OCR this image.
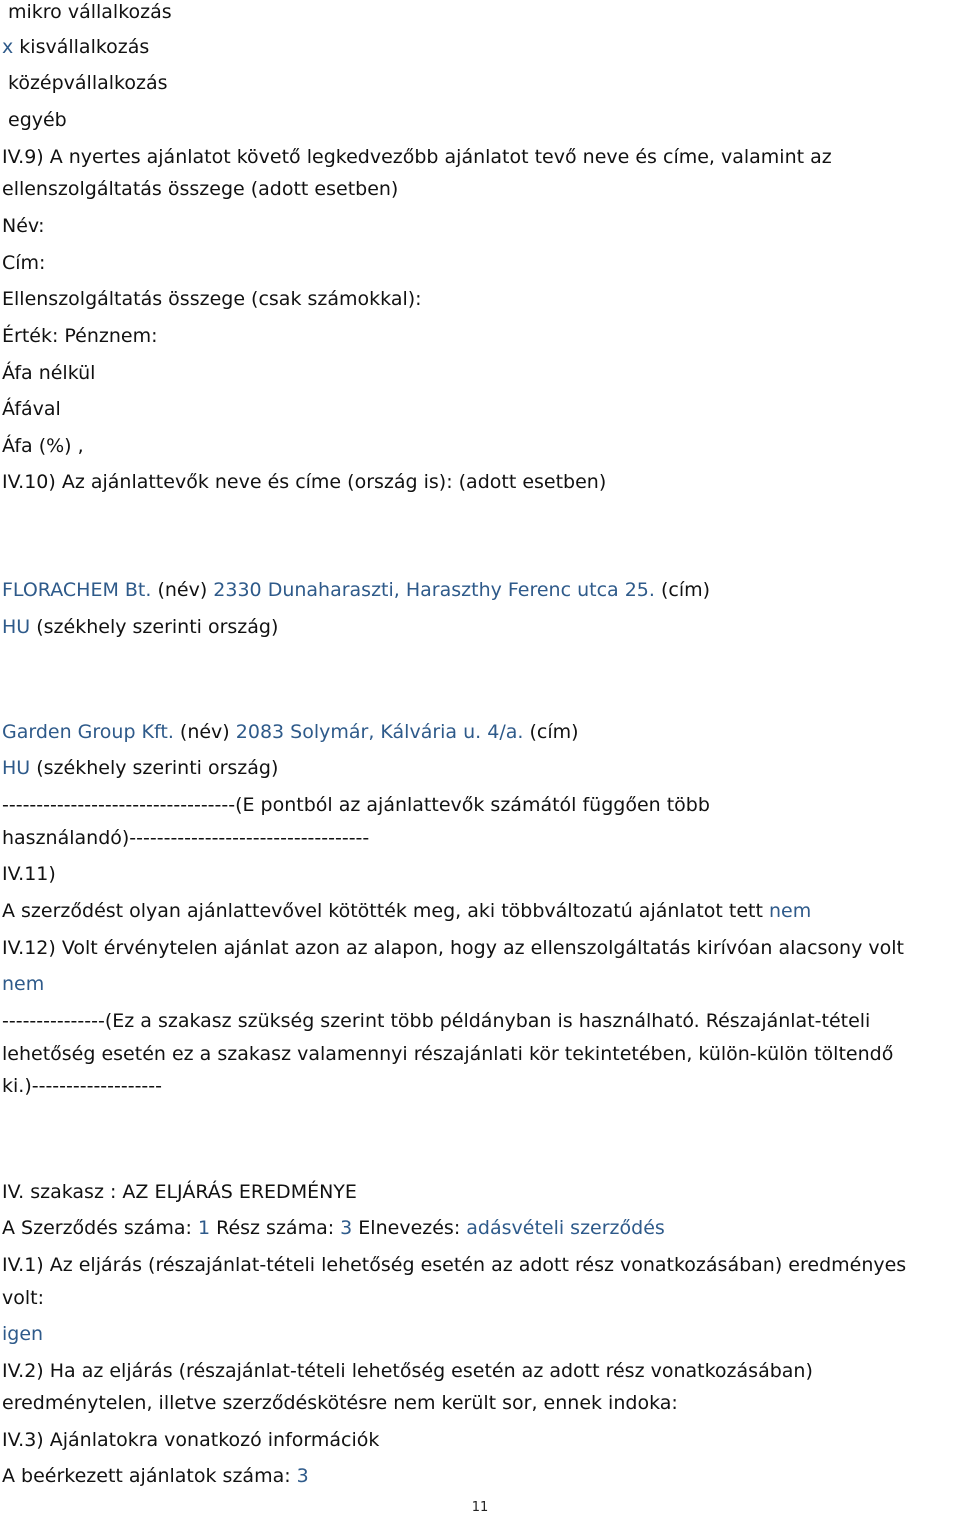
mikro vállalkozás
x kisvállalkozás
középvállalkozás
egyéb
IV.9) A nyertes ajánlatot követő legkedvezőbb ajánlatot tevő neve és címe, valamint az
ellenszolgáltatás összege (adott esetben)
Név:
Cím:
Ellenszolgáltatás összege (csak számokkal):
Érték: Pénznem:
Áfa nélkül
Áfával
Áfa (%) ,
IV.10) Az ajánlattevők neve és címe (ország is): (adott esetben)
FLORACHEM Bt. (név) 2330 Dunaharaszti, Haraszthy Ferenc utca 25. (cím)
HU (székhely szerinti ország)
Garden Group Kft. (név) 2083 Solymár, Kálvária u. 4/a. (cím)
HU (székhely szerinti ország)
----------------------------------(E pontból az ajánlattevők számától függően több
használandó)-----------------------------------
IV.11)
A szerződést olyan ajánlattevővel kötötték meg, aki többváltozatú ajánlatot tett nem
IV.12) Volt érvénytelen ajánlat azon az alapon, hogy az ellenszolgáltatás kirívóan alacsony volt
nem
---------------(Ez a szakasz szükség szerint több példányban is használható. Részajánlat-tételi
lehetőség esetén ez a szakasz valamennyi részajánlati kör tekintetében, külön-külön töltendő
ki.)-------------------
IV. szakasz : AZ ELJÁRÁS EREDMÉNYE
A Szerződés száma: 1 Rész száma: 3 Elnevezés: adásvételi szerződés
IV.1) Az eljárás (részajánlat-tételi lehetőség esetén az adott rész vonatkozásában) eredményes
volt:
igen
IV.2) Ha az eljárás (részajánlat-tételi lehetőség esetén az adott rész vonatkozásában)
eredménytelen, illetve szerződéskötésre nem került sor, ennek indoka:
IV.3) Ajánlatokra vonatkozó információk
A beérkezett ajánlatok száma: 3
11
